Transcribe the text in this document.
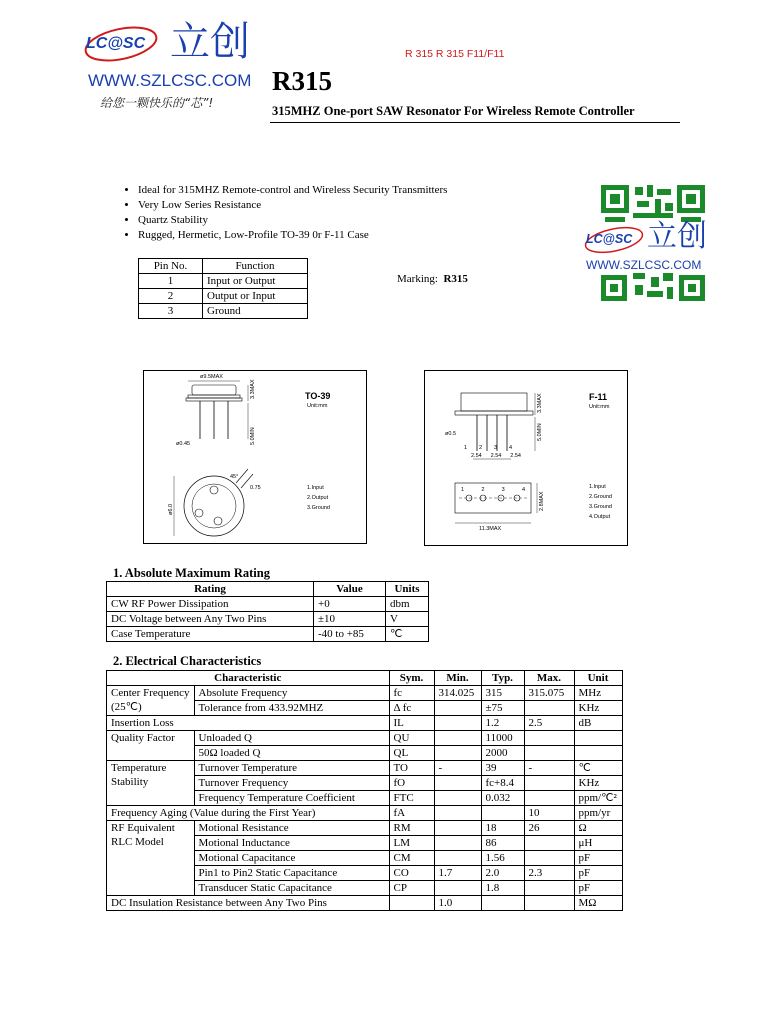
LC@SC 立创
WWW.SZLCSC.COM
给您一颗快乐的“芯”!
R 315 R 315 F11/F11
R315
315MHZ One-port SAW Resonator For Wireless Remote Controller
• Ideal for 315MHZ Remote-control and Wireless Security Transmitters
• Very Low Series Resistance
• Quartz Stability
• Rugged, Hermetic, Low-Profile TO-39 0r F-11 Case	LC@SC 立创
WWW.SZLCSC.COM
Pin No.	Function
1	Input or Output
2	Output or Input
3	Ground
Marking: R315
TO-39
Unit:mm
ø9.5MAX
3.3MAX
5.0MIN
ø0.45
ø6.0
45°
0.75	1.Input
2.Output
3.Ground
F-11
Unit:mm
ø0.5	5.0MIN
3.3MAX
1 2 3 4
2.54 2.54 2.54
1	2	3	4
2.8MAX
11.3MAX
1.Input
2.Ground
3.Ground
4.Output
1. Absolute Maximum Rating
Rating	Value	Units
CW RF Power Dissipation	+0	dbm
DC Voltage between Any Two Pins	±10	V
Case Temperature	-40 to +85	℃
2. Electrical Characteristics
Characteristic		Sym.	Min.	Typ.	Max.	Unit

Center Frequency
(25℃)	Absolute Frequency	fc	314.025	315	315.075	MHz
	Tolerance from 433.92MHZ	Δ fc		±75		KHz
Insertion Loss		IL		1.2	2.5	dB

Quality Factor	Unloaded Q	QU		11000		
	50Ω loaded Q	QL		2000		

Temperature
Stability	Turnover Temperature	TO	-	39	-	℃
	Turnover Frequency	fO		fc+8.4		KHz
	Frequency Temperature Coefficient	FTC		0.032		ppm/℃²
Frequency Aging (Value during the First Year)		fA			10	ppm/yr

RF Equivalent
RLC Model	Motional Resistance	RM		18	26	Ω
	Motional Inductance	LM		86		μH
	Motional Capacitance	CM		1.56		pF
	Pin1 to Pin2 Static Capacitance	CO	1.7	2.0	2.3	pF
	Transducer Static Capacitance	CP		1.8		pF
DC Insulation Resistance between Any Two Pins			1.0			MΩ
